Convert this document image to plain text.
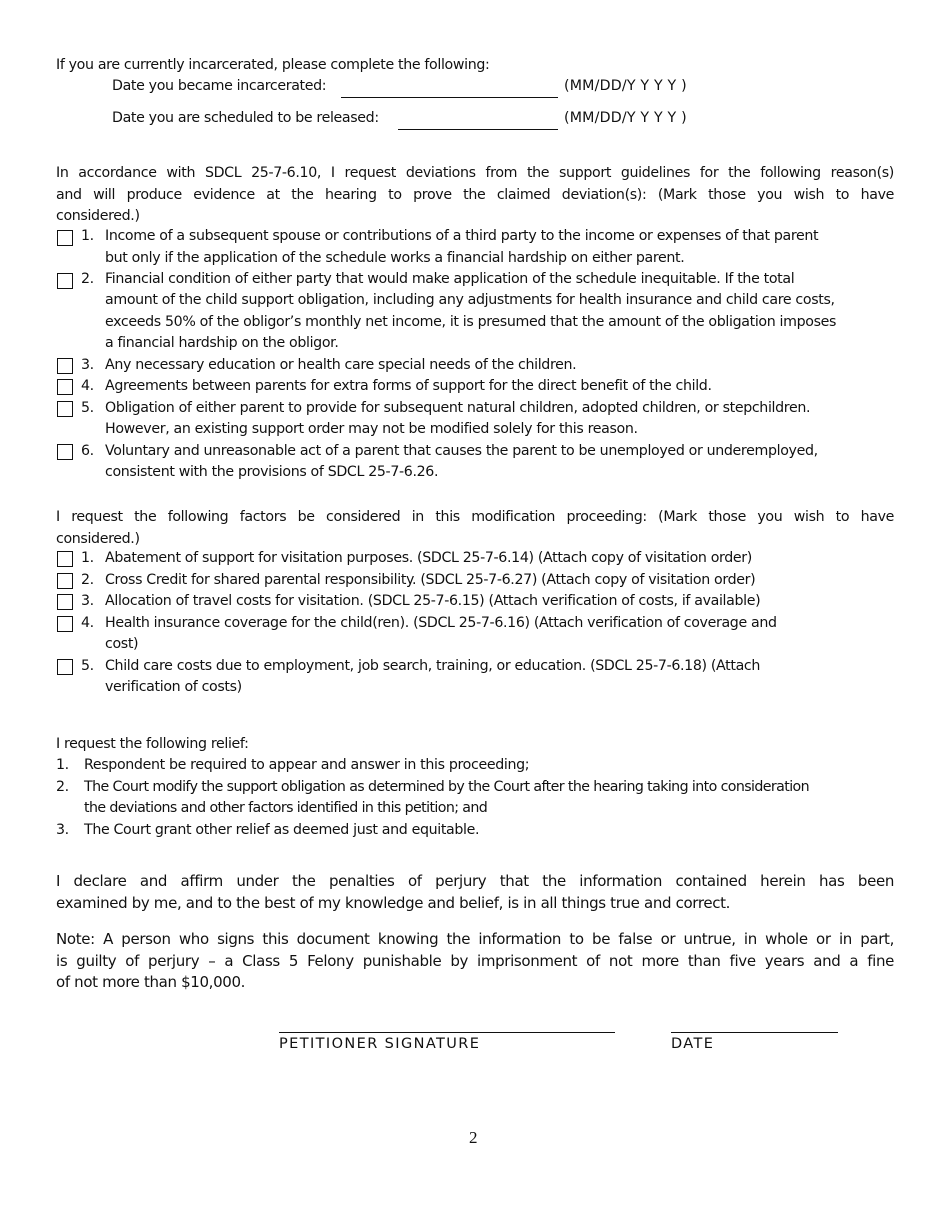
If you are currently incarcerated, please complete the following:
Date you became incarcerated:	(MM/DD/Y Y Y Y )
Date you are scheduled to be released:	(MM/DD/Y Y Y Y )
In accordance with SDCL 25-7-6.10, I request deviations from the support guidelines for the following reason(s)
and will produce evidence at the hearing to prove the claimed deviation(s): (Mark those you wish to have
considered.)
1. Income of a subsequent spouse or contributions of a third party to the income or expenses of that parent
but only if the application of the schedule works a financial hardship on either parent.
2. Financial condition of either party that would make application of the schedule inequitable. If the total
amount of the child support obligation, including any adjustments for health insurance and child care costs,
exceeds 50% of the obligor’s monthly net income, it is presumed that the amount of the obligation imposes
a financial hardship on the obligor.
3. Any necessary education or health care special needs of the children.
4. Agreements between parents for extra forms of support for the direct benefit of the child.
5. Obligation of either parent to provide for subsequent natural children, adopted children, or stepchildren.
However, an existing support order may not be modified solely for this reason.
6. Voluntary and unreasonable act of a parent that causes the parent to be unemployed or underemployed,
consistent with the provisions of SDCL 25-7-6.26.
I request the following factors be considered in this modification proceeding: (Mark those you wish to have
considered.)
1. Abatement of support for visitation purposes. (SDCL 25-7-6.14) (Attach copy of visitation order)
2. Cross Credit for shared parental responsibility. (SDCL 25-7-6.27) (Attach copy of visitation order)
3. Allocation of travel costs for visitation. (SDCL 25-7-6.15) (Attach verification of costs, if available)
4. Health insurance coverage for the child(ren). (SDCL 25-7-6.16) (Attach verification of coverage and
cost)
5. Child care costs due to employment, job search, training, or education. (SDCL 25-7-6.18) (Attach
verification of costs)
I request the following relief:
1. Respondent be required to appear and answer in this proceeding;
2. The Court modify the support obligation as determined by the Court after the hearing taking into consideration
the deviations and other factors identified in this petition; and
3. The Court grant other relief as deemed just and equitable.
I declare and affirm under the penalties of perjury that the information contained herein has been
examined by me, and to the best of my knowledge and belief, is in all things true and correct.
Note: A person who signs this document knowing the information to be false or untrue, in whole or in part,
is guilty of perjury – a Class 5 Felony punishable by imprisonment of not more than five years and a fine
of not more than $10,000.
PETITIONER SIGNATURE	DATE
2
